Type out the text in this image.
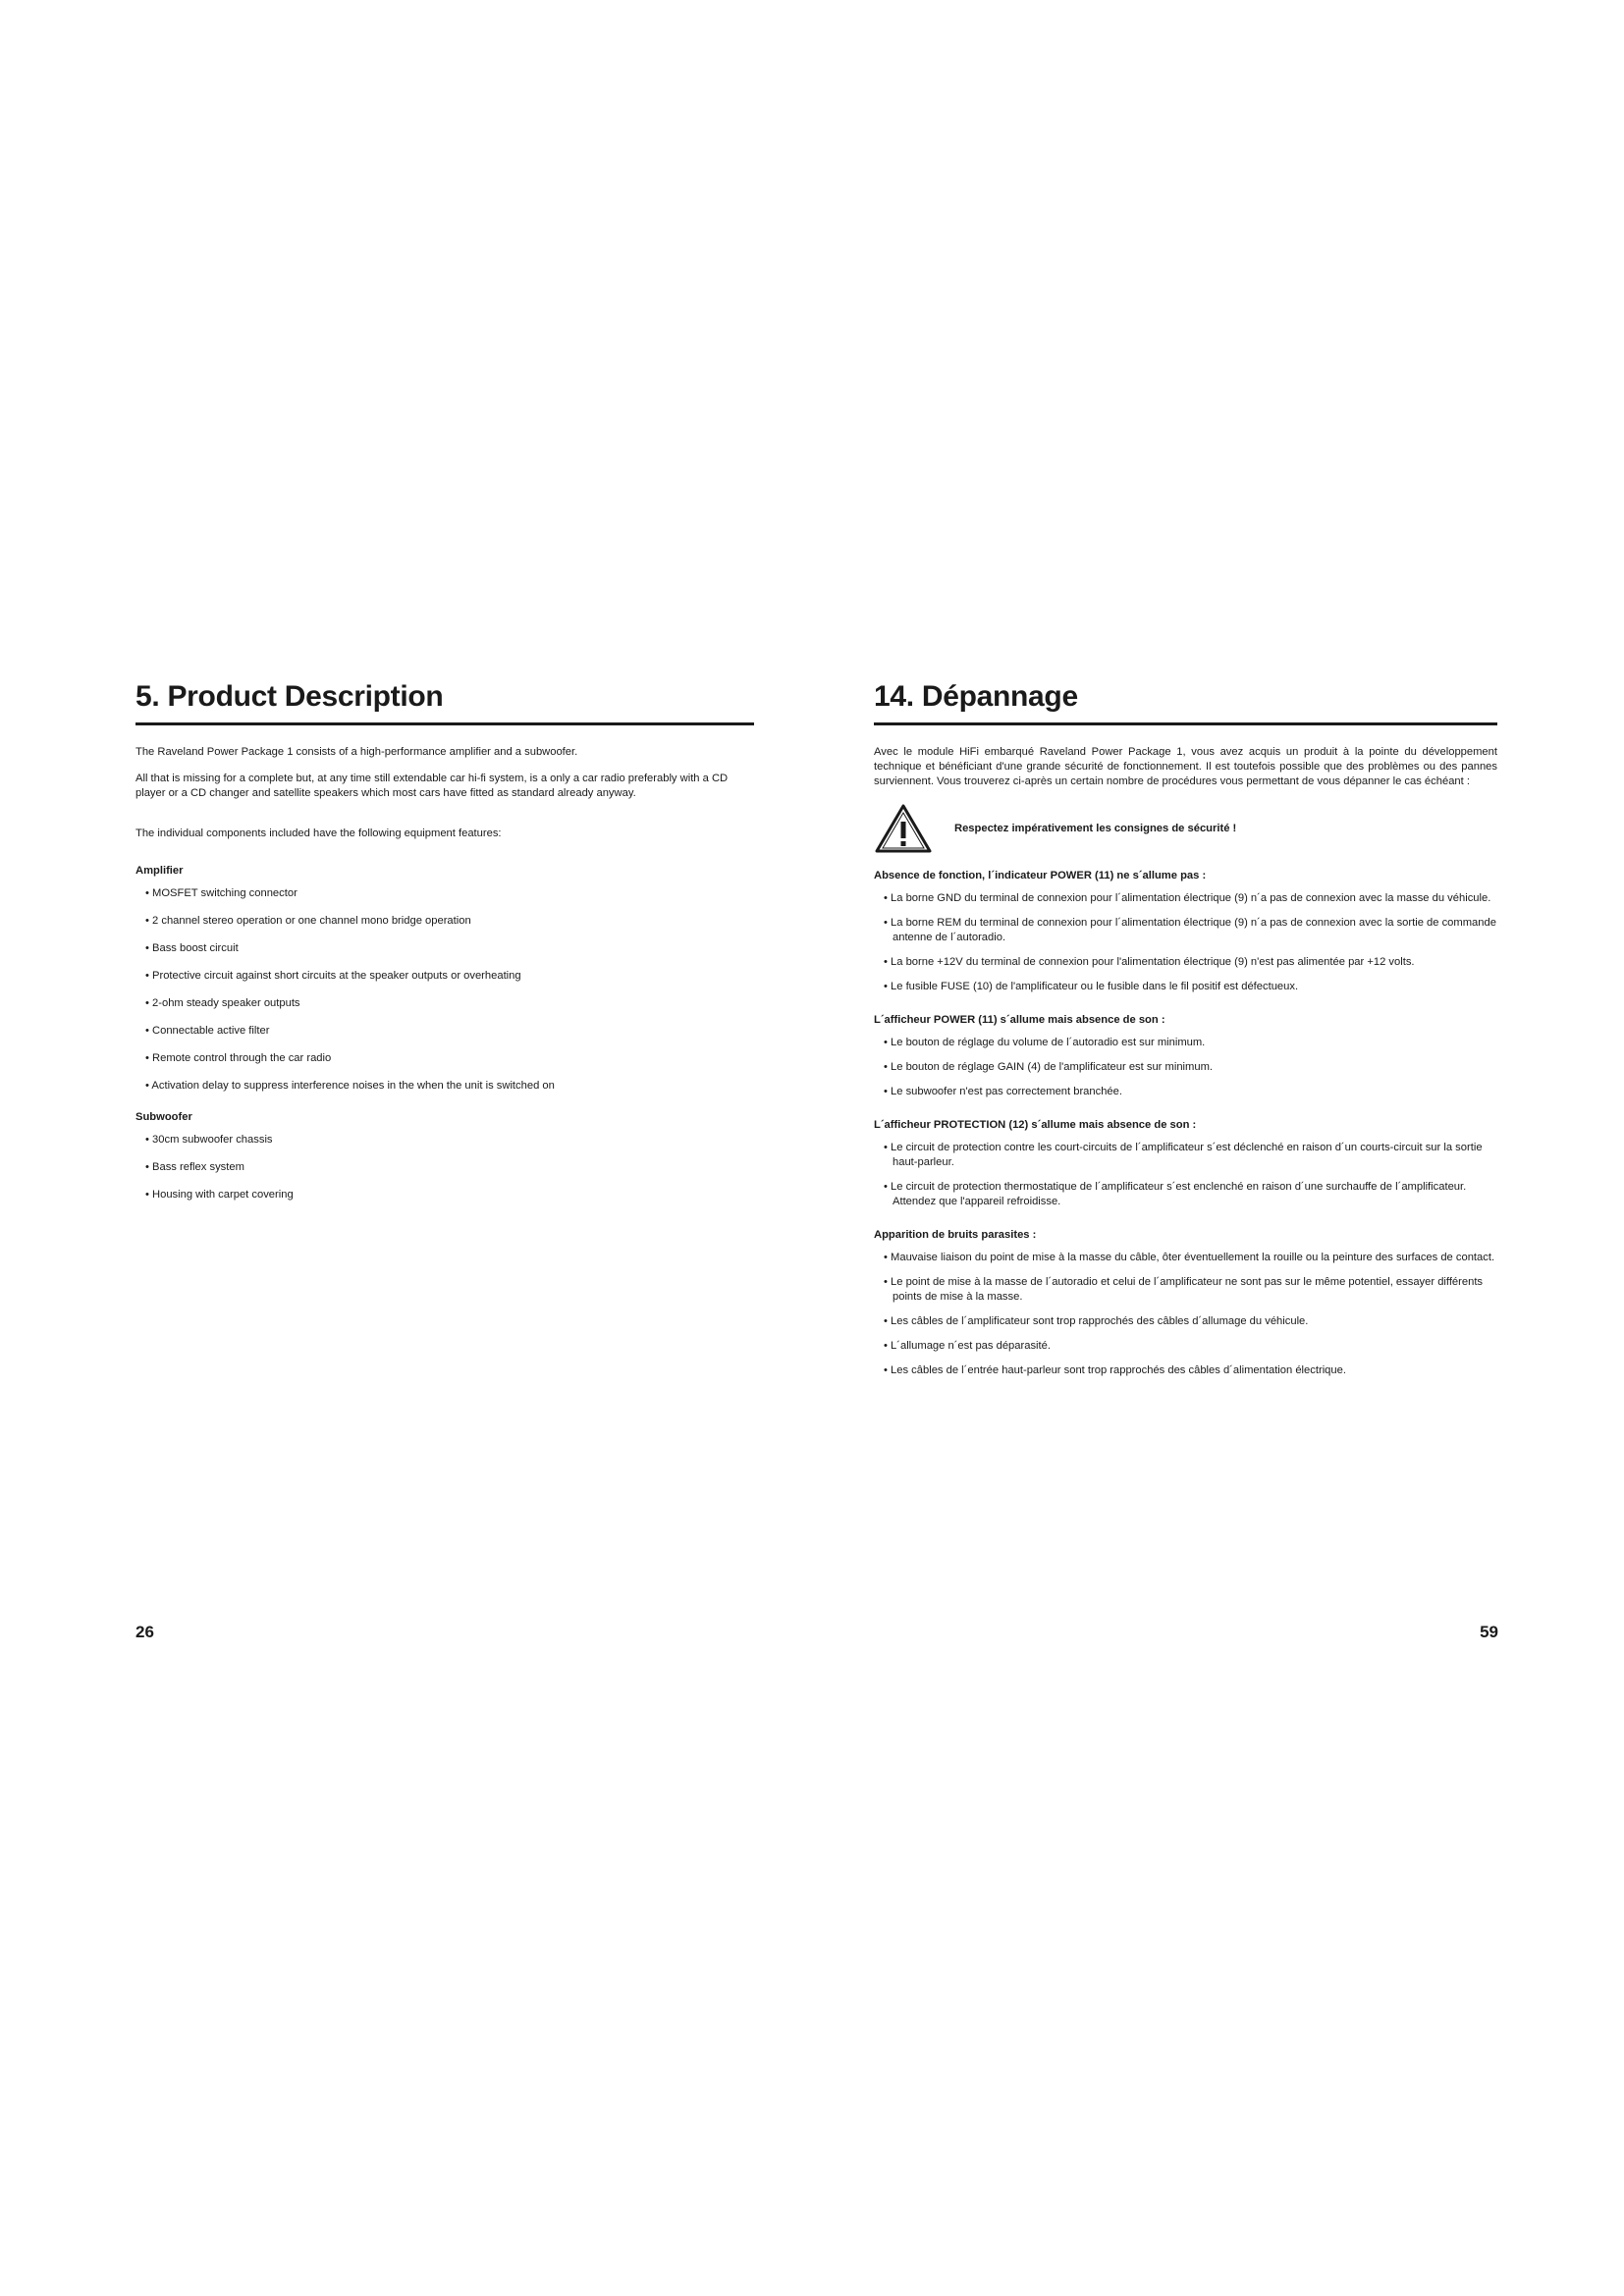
5. Product Description

The Raveland Power Package 1 consists of a high-performance amplifier and a subwoofer.

All that is missing for a complete but, at any time still extendable car hi-fi system, is a only a car radio preferably with a CD player or a CD changer and satellite speakers which most cars have fitted as standard already anyway.

The individual components included have the following equipment features:

Amplifier
• MOSFET switching connector
• 2 channel stereo operation or one channel mono bridge operation
• Bass boost circuit
• Protective circuit against short circuits at the speaker outputs or overheating
• 2-ohm steady speaker outputs
• Connectable active filter
• Remote control through the car radio
• Activation delay to suppress interference noises in the when the unit is switched on
Subwoofer
• 30cm subwoofer chassis
• Bass reflex system
• Housing with carpet covering
14. Dépannage

Avec le module HiFi embarqué Raveland Power Package 1, vous avez acquis un produit à la pointe du développement technique et bénéficiant d'une grande sécurité de fonctionnement. Il est toutefois possible que des problèmes ou des pannes surviennent. Vous trouverez ci-après un certain nombre de procédures vous permettant de vous dépanner le cas échéant :

Respectez impérativement les consignes de sécurité !
Absence de fonction, l´indicateur POWER (11) ne s´allume pas :
• La borne GND du terminal de connexion pour l´alimentation électrique (9) n´a pas de connexion avec la masse du véhicule.
• La borne REM du terminal de connexion pour l´alimentation électrique (9) n´a pas de connexion avec la sortie de commande antenne de l´autoradio.
• La borne +12V du terminal de connexion pour l'alimentation électrique (9) n'est pas alimentée par +12 volts.
• Le fusible FUSE (10) de l'amplificateur ou le fusible dans le fil positif est défectueux.
L´afficheur POWER (11) s´allume mais absence de son :
• Le bouton de réglage du volume de l´autoradio est sur minimum.
• Le bouton de réglage GAIN (4) de l'amplificateur est sur minimum.
• Le subwoofer n'est pas correctement branchée.
L´afficheur PROTECTION (12) s´allume mais absence de son :
• Le circuit de protection contre les court-circuits de l´amplificateur s´est déclenché en raison d´un courts-circuit sur la sortie haut-parleur.
• Le circuit de protection thermostatique de l´amplificateur s´est enclenché en raison d´une surchauffe de l´amplificateur. Attendez que l'appareil refroidisse.
Apparition de bruits parasites :
• Mauvaise liaison du point de mise à la masse du câble, ôter éventuellement la rouille ou la peinture des surfaces de contact.
• Le point de mise à la masse de l´autoradio et celui de l´amplificateur ne sont pas sur le même potentiel, essayer différents points de mise à la masse.
• Les câbles de l´amplificateur sont trop rapprochés des câbles d´allumage du véhicule.
• L´allumage n´est pas déparasité.
• Les câbles de l´entrée haut-parleur sont trop rapprochés des câbles d´alimentation électrique.
26	59
